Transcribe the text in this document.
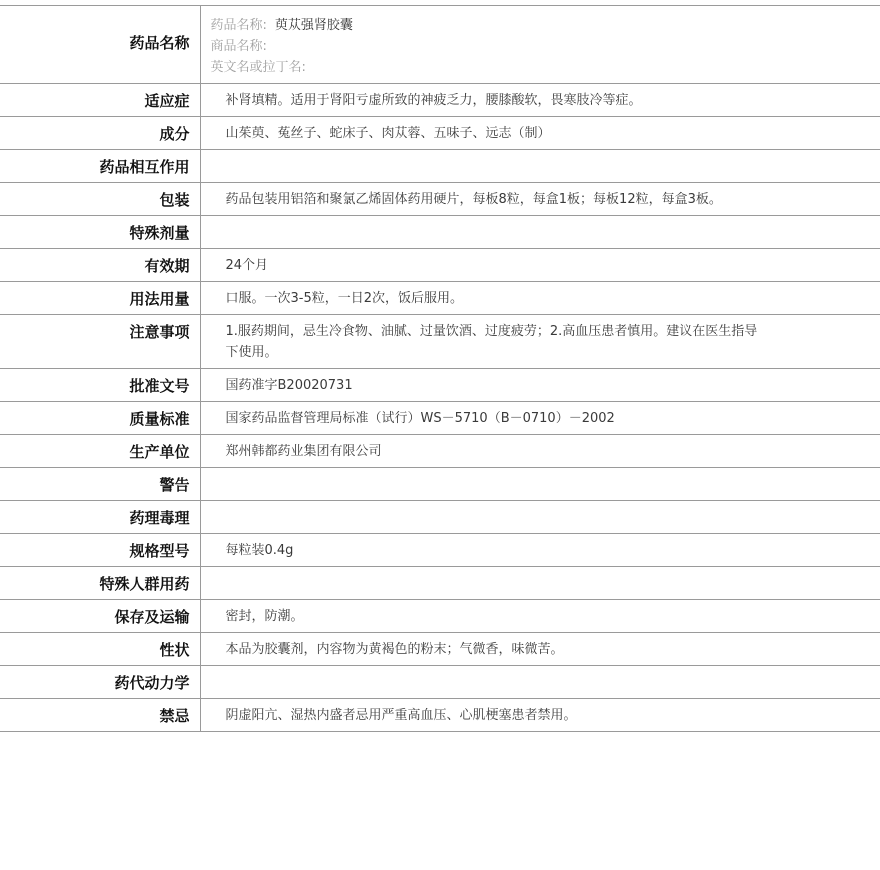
药品名称	药品名称: 萸苁强肾胶囊
商品名称:
英文名或拉丁名:

适应症	补肾填精。适用于肾阳亏虚所致的神疲乏力，腰膝酸软，畏寒肢冷等症。
成分	山茱萸、菟丝子、蛇床子、肉苁蓉、五味子、远志（制）
药品相互作用	
包装	药品包装用铝箔和聚氯乙烯固体药用硬片，每板8粒，每盒1板；每板12粒，每盒3板。
特殊剂量	
有效期	24个月
用法用量	口服。一次3-5粒，一日2次，饭后服用。
注意事项	1.服药期间，忌生冷食物、油腻、过量饮酒、过度疲劳；2.高血压患者慎用。建议在医生指导下使用。
批准文号	国药准字B20020731
质量标准	国家药品监督管理局标准（试行）WS－5710（B－0710）－2002
生产单位	郑州韩都药业集团有限公司
警告	
药理毒理	
规格型号	每粒装0.4g
特殊人群用药	
保存及运输	密封，防潮。
性状	本品为胶囊剂，内容物为黄褐色的粉末；气微香，味微苦。
药代动力学	
禁忌	阴虚阳亢、湿热内盛者忌用严重高血压、心肌梗塞患者禁用。
